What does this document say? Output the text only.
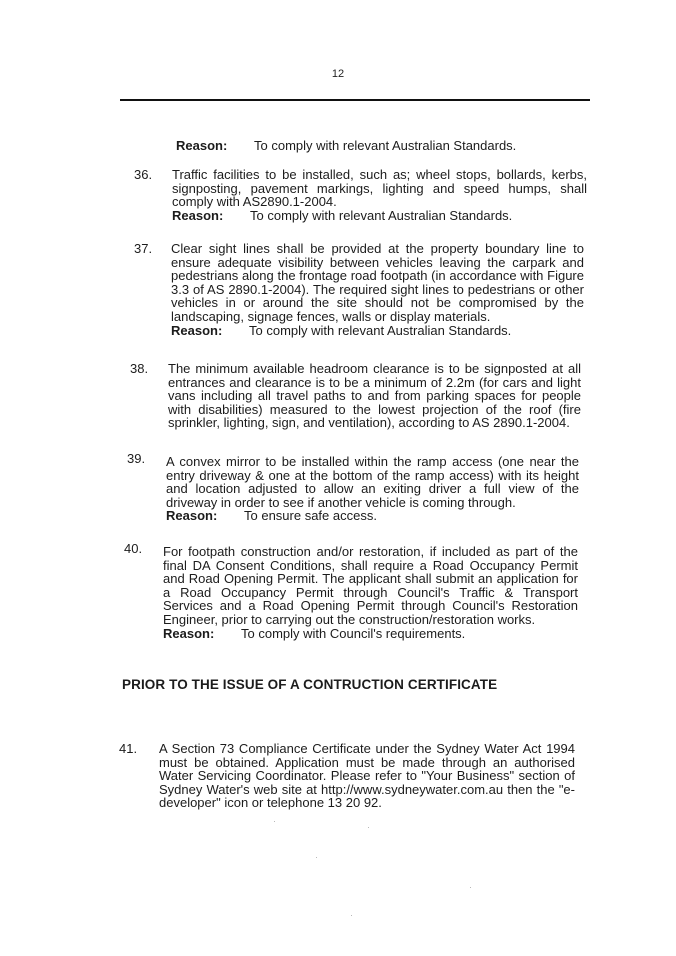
12
Reason: To comply with relevant Australian Standards.
36.	Traffic facilities to be installed, such as; wheel stops, bollards, kerbs, signposting, pavement markings, lighting and speed humps, shall comply with AS2890.1-2004.

Reason: To comply with relevant Australian Standards.
37.	Clear sight lines shall be provided at the property boundary line to ensure adequate visibility between vehicles leaving the carpark and pedestrians along the frontage road footpath (in accordance with Figure 3.3 of AS 2890.1-2004). The required sight lines to pedestrians or other vehicles in or around the site should not be compromised by the landscaping, signage fences, walls or display materials.

Reason: To comply with relevant Australian Standards.
38.	The minimum available headroom clearance is to be signposted at all entrances and clearance is to be a minimum of 2.2m (for cars and light vans including all travel paths to and from parking spaces for people with disabilities) measured to the lowest projection of the roof (fire sprinkler, lighting, sign, and ventilation), according to AS 2890.1-2004.

39.	A convex mirror to be installed within the ramp access (one near the entry driveway & one at the bottom of the ramp access) with its height and location adjusted to allow an exiting driver a full view of the driveway in order to see if another vehicle is coming through.

Reason: To ensure safe access.
40.	For footpath construction and/or restoration, if included as part of the final DA Consent Conditions, shall require a Road Occupancy Permit and Road Opening Permit. The applicant shall submit an application for a Road Occupancy Permit through Council's Traffic & Transport Services and a Road Opening Permit through Council's Restoration Engineer, prior to carrying out the construction/restoration works.

Reason: To comply with Council's requirements.
PRIOR TO THE ISSUE OF A CONTRUCTION CERTIFICATE
41.	A Section 73 Compliance Certificate under the Sydney Water Act 1994 must be obtained. Application must be made through an authorised Water Servicing Coordinator. Please refer to "Your Business" section of Sydney Water's web site at http://www.sydneywater.com.au then the "e-developer" icon or telephone 13 20 92.
